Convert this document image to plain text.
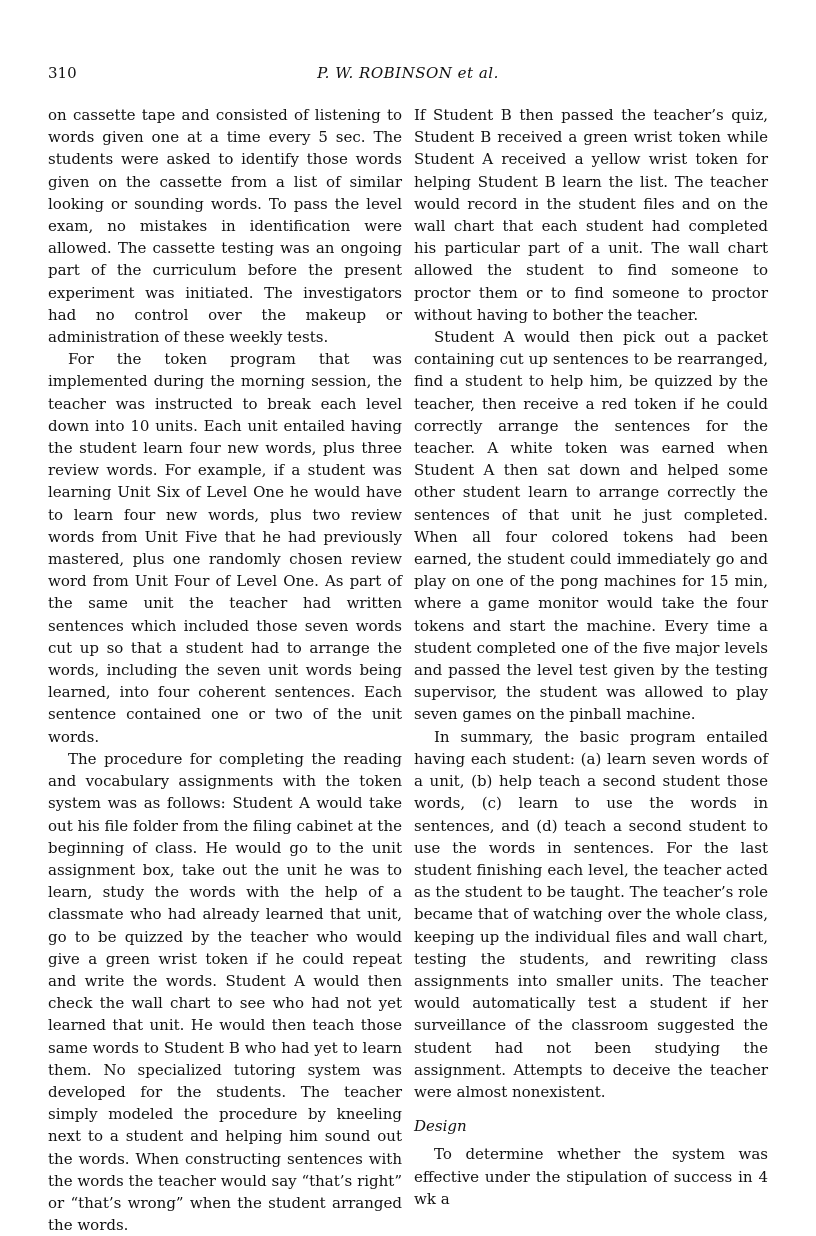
310	P. W. ROBINSON et al.

on cassette tape and consisted of listening to words given one at a time every 5 sec. The students were asked to identify those words given on the cassette from a list of similar looking or sounding words. To pass the level exam, no mistakes in identification were allowed. The cassette testing was an ongoing part of the curriculum before the present experiment was initiated. The investigators had no control over the makeup or administration of these weekly tests.

For the token program that was implemented during the morning session, the teacher was instructed to break each level down into 10 units. Each unit entailed having the student learn four new words, plus three review words. For example, if a student was learning Unit Six of Level One he would have to learn four new words, plus two review words from Unit Five that he had previously mastered, plus one randomly chosen review word from Unit Four of Level One. As part of the same unit the teacher had written sentences which included those seven words cut up so that a student had to arrange the words, including the seven unit words being learned, into four coherent sentences. Each sentence contained one or two of the unit words.

The procedure for completing the reading and vocabulary assignments with the token system was as follows: Student A would take out his file folder from the filing cabinet at the beginning of class. He would go to the unit assignment box, take out the unit he was to learn, study the words with the help of a classmate who had already learned that unit, go to be quizzed by the teacher who would give a green wrist token if he could repeat and write the words. Student A would then check the wall chart to see who had not yet learned that unit. He would then teach those same words to Student B who had yet to learn them. No specialized tutoring system was developed for the students. The teacher simply modeled the procedure by kneeling next to a student and helping him sound out the words. When constructing sentences with the words the teacher would say “that’s right” or “that’s wrong” when the student arranged the words.

If Student B then passed the teacher’s quiz, Student B received a green wrist token while Student A received a yellow wrist token for helping Student B learn the list. The teacher would record in the student files and on the wall chart that each student had completed his particular part of a unit. The wall chart allowed the student to find someone to proctor them or to find someone to proctor without having to bother the teacher.

Student A would then pick out a packet containing cut up sentences to be rearranged, find a student to help him, be quizzed by the teacher, then receive a red token if he could correctly arrange the sentences for the teacher. A white token was earned when Student A then sat down and helped some other student learn to arrange correctly the sentences of that unit he just completed. When all four colored tokens had been earned, the student could immediately go and play on one of the pong machines for 15 min, where a game monitor would take the four tokens and start the machine. Every time a student completed one of the five major levels and passed the level test given by the testing supervisor, the student was allowed to play seven games on the pinball machine.

In summary, the basic program entailed having each student: (a) learn seven words of a unit, (b) help teach a second student those words, (c) learn to use the words in sentences, and (d) teach a second student to use the words in sentences. For the last student finishing each level, the teacher acted as the student to be taught. The teacher’s role became that of watching over the whole class, keeping up the individual files and wall chart, testing the students, and rewriting class assignments into smaller units. The teacher would automatically test a student if her surveillance of the classroom suggested the student had not been studying the assignment. Attempts to deceive the teacher were almost nonexistent.

Design

To determine whether the system was effective under the stipulation of success in 4 wk a
